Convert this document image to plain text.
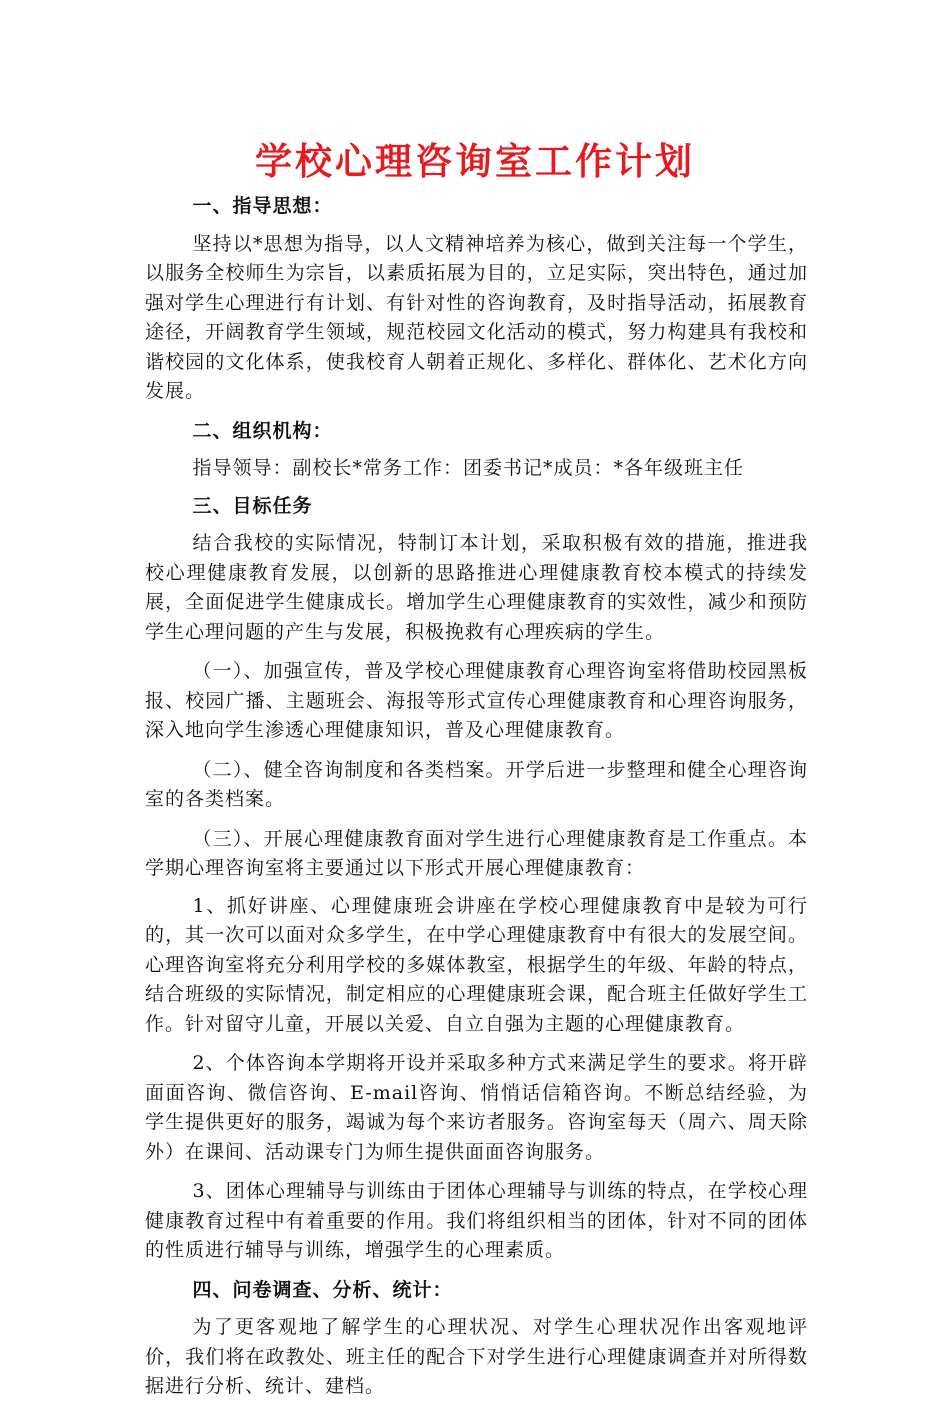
学校心理咨询室工作计划

一、指导思想：

坚持以*思想为指导，以人文精神培养为核心，做到关注每一个学生，以服务全校师生为宗旨，以素质拓展为目的，立足实际，突出特色，通过加强对学生心理进行有计划、有针对性的咨询教育，及时指导活动，拓展教育途径，开阔教育学生领域，规范校园文化活动的模式，努力构建具有我校和谐校园的文化体系，使我校育人朝着正规化、多样化、群体化、艺术化方向发展。

二、组织机构：

指导领导：副校长*常务工作：团委书记*成员：*各年级班主任

三、目标任务

结合我校的实际情况，特制订本计划，采取积极有效的措施，推进我校心理健康教育发展，以创新的思路推进心理健康教育校本模式的持续发展，全面促进学生健康成长。增加学生心理健康教育的实效性，减少和预防学生心理问题的产生与发展，积极挽救有心理疾病的学生。

（一）、加强宣传，普及学校心理健康教育心理咨询室将借助校园黑板报、校园广播、主题班会、海报等形式宣传心理健康教育和心理咨询服务，深入地向学生渗透心理健康知识，普及心理健康教育。

（二）、健全咨询制度和各类档案。开学后进一步整理和健全心理咨询室的各类档案。

（三）、开展心理健康教育面对学生进行心理健康教育是工作重点。本学期心理咨询室将主要通过以下形式开展心理健康教育：

1、抓好讲座、心理健康班会讲座在学校心理健康教育中是较为可行的，其一次可以面对众多学生，在中学心理健康教育中有很大的发展空间。心理咨询室将充分利用学校的多媒体教室，根据学生的年级、年龄的特点，结合班级的实际情况，制定相应的心理健康班会课，配合班主任做好学生工作。针对留守儿童，开展以关爱、自立自强为主题的心理健康教育。

2、个体咨询本学期将开设并采取多种方式来满足学生的要求。将开辟面面咨询、微信咨询、E-mail咨询、悄悄话信箱咨询。不断总结经验，为学生提供更好的服务，竭诚为每个来访者服务。咨询室每天（周六、周天除外）在课间、活动课专门为师生提供面面咨询服务。

3、团体心理辅导与训练由于团体心理辅导与训练的特点，在学校心理健康教育过程中有着重要的作用。我们将组织相当的团体，针对不同的团体的性质进行辅导与训练，增强学生的心理素质。

四、问卷调查、分析、统计：

为了更客观地了解学生的心理状况、对学生心理状况作出客观地评价，我们将在政教处、班主任的配合下对学生进行心理健康调查并对所得数据进行分析、统计、建档。
